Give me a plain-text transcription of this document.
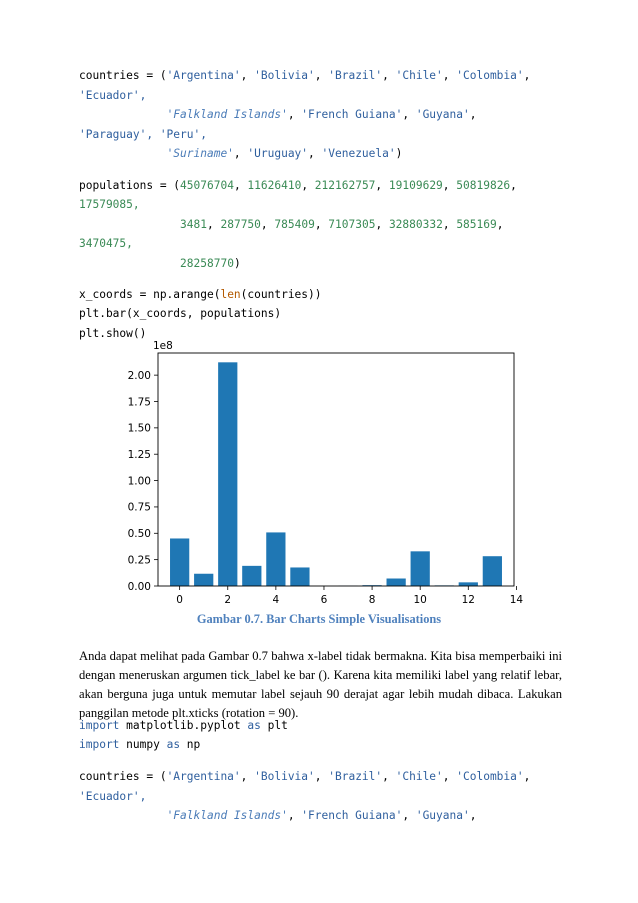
countries = ('Argentina', 'Bolivia', 'Brazil', 'Chile', 'Colombia',
'Ecuador',
'Falkland Islands', 'French Guiana', 'Guyana',
'Paraguay', 'Peru',
'Suriname', 'Uruguay', 'Venezuela')
populations = (45076704, 11626410, 212162757, 19109629, 50819826,
17579085,
3481, 287750, 785409, 7107305, 32880332, 585169,
3470475,
28258770)
x_coords = np.arange(len(countries))
plt.bar(x_coords, populations)
plt.show()
1e8
0.00
0.25
0.50
0.75
1.00
1.25
1.50
1.75
2.00
0	2	4	6	8	10	12	14
Gambar 0.7. Bar Charts Simple Visualisations
Anda dapat melihat pada Gambar 0.7 bahwa x-label tidak bermakna. Kita bisa memperbaiki ini dengan meneruskan argumen tick_label ke bar (). Karena kita memiliki label yang relatif lebar, akan berguna juga untuk memutar label sejauh 90 derajat agar lebih mudah dibaca. Lakukan panggilan metode plt.xticks (rotation = 90).
import matplotlib.pyplot as plt
import numpy as np
countries = ('Argentina', 'Bolivia', 'Brazil', 'Chile', 'Colombia',
'Ecuador',
'Falkland Islands', 'French Guiana', 'Guyana',
